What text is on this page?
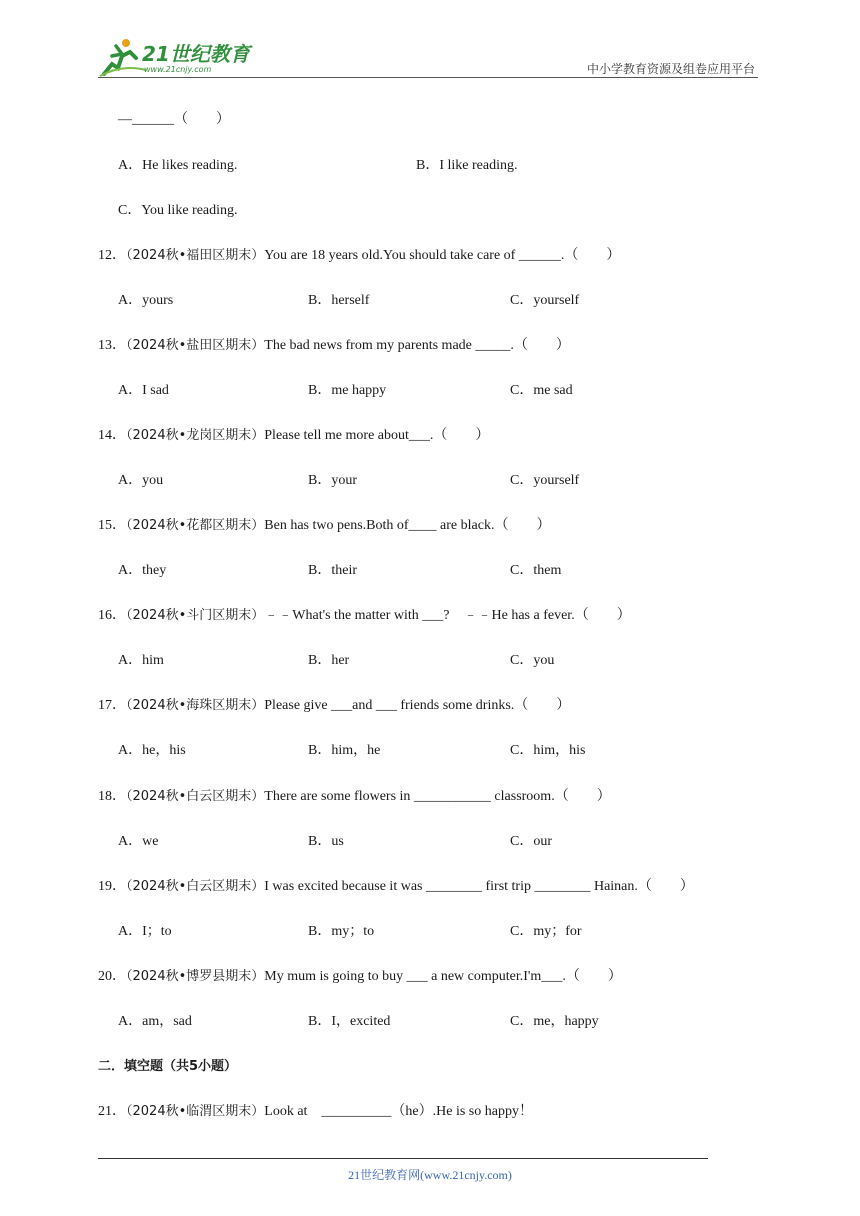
21世纪教育
www.21cnjy.com	中小学教育资源及组卷应用平台
—______（　　）
A．He likes reading.	B．I like reading.
C．You like reading.
12．（2024秋•福田区期末）You are 18 years old.You should take care of ______.（　　）
A．yours	B．herself	C．yourself
13．（2024秋•盐田区期末）The bad news from my parents made _____.（　　）
A．I sad	B．me happy	C．me sad
14．（2024秋•龙岗区期末）Please tell me more about___.（　　）
A．you	B．your	C．yourself
15．（2024秋•花都区期末）Ben has two pens.Both of____ are black.（　　）
A．they	B．their	C．them
16．（2024秋•斗门区期末）﹣﹣What's the matter with ___?　﹣﹣He has a fever.（　　）
A．him	B．her	C．you
17．（2024秋•海珠区期末）Please give ___and ___ friends some drinks.（　　）
A．he，his	B．him，he	C．him，his
18．（2024秋•白云区期末）There are some flowers in ___________ classroom.（　　）
A．we	B．us	C．our
19．（2024秋•白云区期末）I was excited because it was ________ first trip ________ Hainan.（　　）
A．I；to	B．my；to	C．my；for
20．（2024秋•博罗县期末）My mum is going to buy ___ a new computer.I'm___.（　　）
A．am，sad	B．I，excited	C．me，happy
二．填空题（共5小题）
21．（2024秋•临渭区期末）Look at　__________（he）.He is so happy！
21世纪教育网(www.21cnjy.com)
